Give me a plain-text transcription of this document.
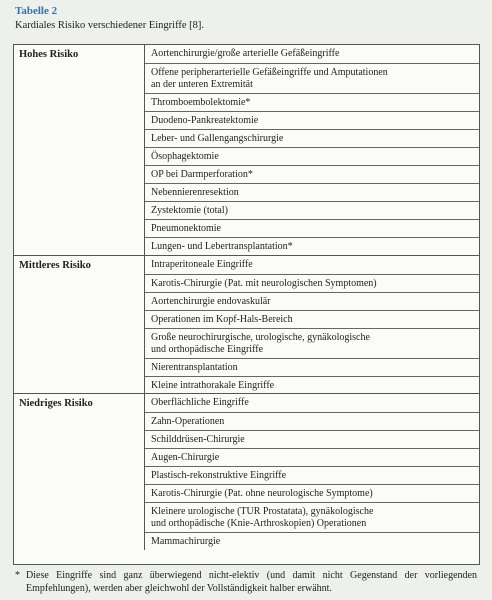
Tabelle 2
Kardiales Risiko verschiedener Eingriffe [8].
Hohes Risiko	Aortenchirurgie/große arterielle Gefäßeingriffe
Offene peripherarterielle Gefäßeingriffe und Amputationen
an der unteren Extremität
Thromboembolektomie*
Duodeno-Pankreatektomie
Leber- und Gallengangschirurgie
Ösophagektomie
OP bei Darmperforation*
Nebennierenresektion
Zystektomie (total)
Pneumonektomie
Lungen- und Lebertransplantation*
Mittleres Risiko	Intraperitoneale Eingriffe
Karotis-Chirurgie (Pat. mit neurologischen Symptomen)
Aortenchirurgie endovaskulär
Operationen im Kopf-Hals-Bereich
Große neurochirurgische, urologische, gynäkologische
und orthopädische Eingriffe
Nierentransplantation
Kleine intrathorakale Eingriffe
Niedriges Risiko	Oberflächliche Eingriffe
Zahn-Operationen
Schilddrüsen-Chirurgie
Augen-Chirurgie
Plastisch-rekonstruktive Eingriffe
Karotis-Chirurgie (Pat. ohne neurologische Symptome)
Kleinere urologische (TUR Prostatata), gynäkologische
und orthopädische (Knie-Arthroskopien) Operationen
Mammachirurgie
* Diese Eingriffe sind ganz überwiegend nicht-elektiv (und damit nicht Gegenstand der vorliegenden Empfehlungen), werden aber gleichwohl der Vollständigkeit halber erwähnt.
